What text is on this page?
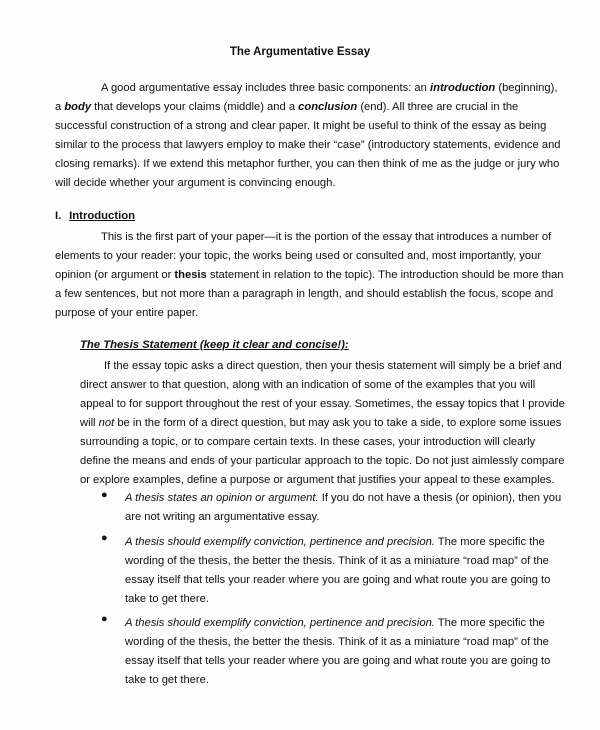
The Argumentative Essay
A good argumentative essay includes three basic components: an introduction (beginning),
a body that develops your claims (middle) and a conclusion (end). All three are crucial in the
successful construction of a strong and clear paper. It might be useful to think of the essay as being
similar to the process that lawyers employ to make their “case” (introductory statements, evidence and
closing remarks). If we extend this metaphor further, you can then think of me as the judge or jury who
will decide whether your argument is convincing enough.
I. Introduction
This is the first part of your paper—it is the portion of the essay that introduces a number of
elements to your reader: your topic, the works being used or consulted and, most importantly, your
opinion (or argument or thesis statement in relation to the topic). The introduction should be more than
a few sentences, but not more than a paragraph in length, and should establish the focus, scope and
purpose of your entire paper.
The Thesis Statement (keep it clear and concise!):
If the essay topic asks a direct question, then your thesis statement will simply be a brief and
direct answer to that question, along with an indication of some of the examples that you will
appeal to for support throughout the rest of your essay. Sometimes, the essay topics that I provide
will not be in the form of a direct question, but may ask you to take a side, to explore some issues
surrounding a topic, or to compare certain texts. In these cases, your introduction will clearly
define the means and ends of your particular approach to the topic. Do not just aimlessly compare
or explore examples, define a purpose or argument that justifies your appeal to these examples.
● A thesis states an opinion or argument. If you do not have a thesis (or opinion), then you
are not writing an argumentative essay.
● A thesis should exemplify conviction, pertinence and precision. The more specific the
wording of the thesis, the better the thesis. Think of it as a miniature “road map” of the
essay itself that tells your reader where you are going and what route you are going to
take to get there.
● A thesis should exemplify conviction, pertinence and precision. The more specific the
wording of the thesis, the better the thesis. Think of it as a miniature “road map” of the
essay itself that tells your reader where you are going and what route you are going to
take to get there.
